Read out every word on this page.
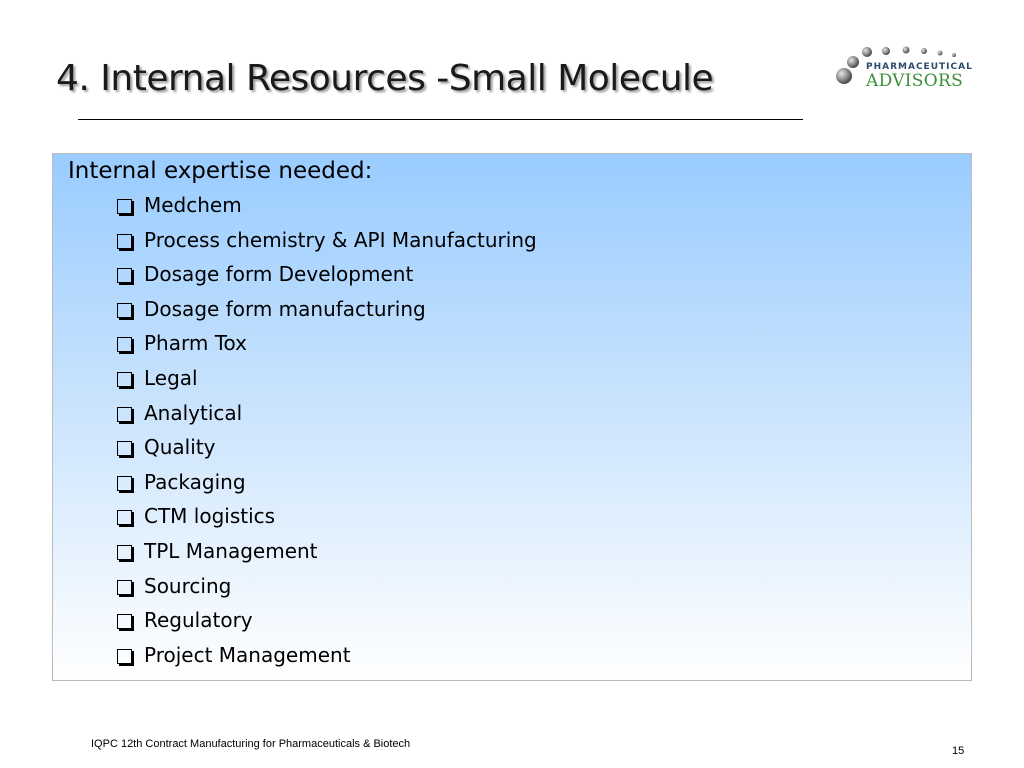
4. Internal Resources -Small Molecule	PHARMACEUTICAL
ADVISORS
Internal expertise needed:
Medchem
Process chemistry & API Manufacturing
Dosage form Development
Dosage form manufacturing
Pharm Tox
Legal
Analytical
Quality
Packaging
CTM logistics
TPL Management
Sourcing
Regulatory
Project Management
IQPC 12th Contract Manufacturing for Pharmaceuticals & Biotech
15
